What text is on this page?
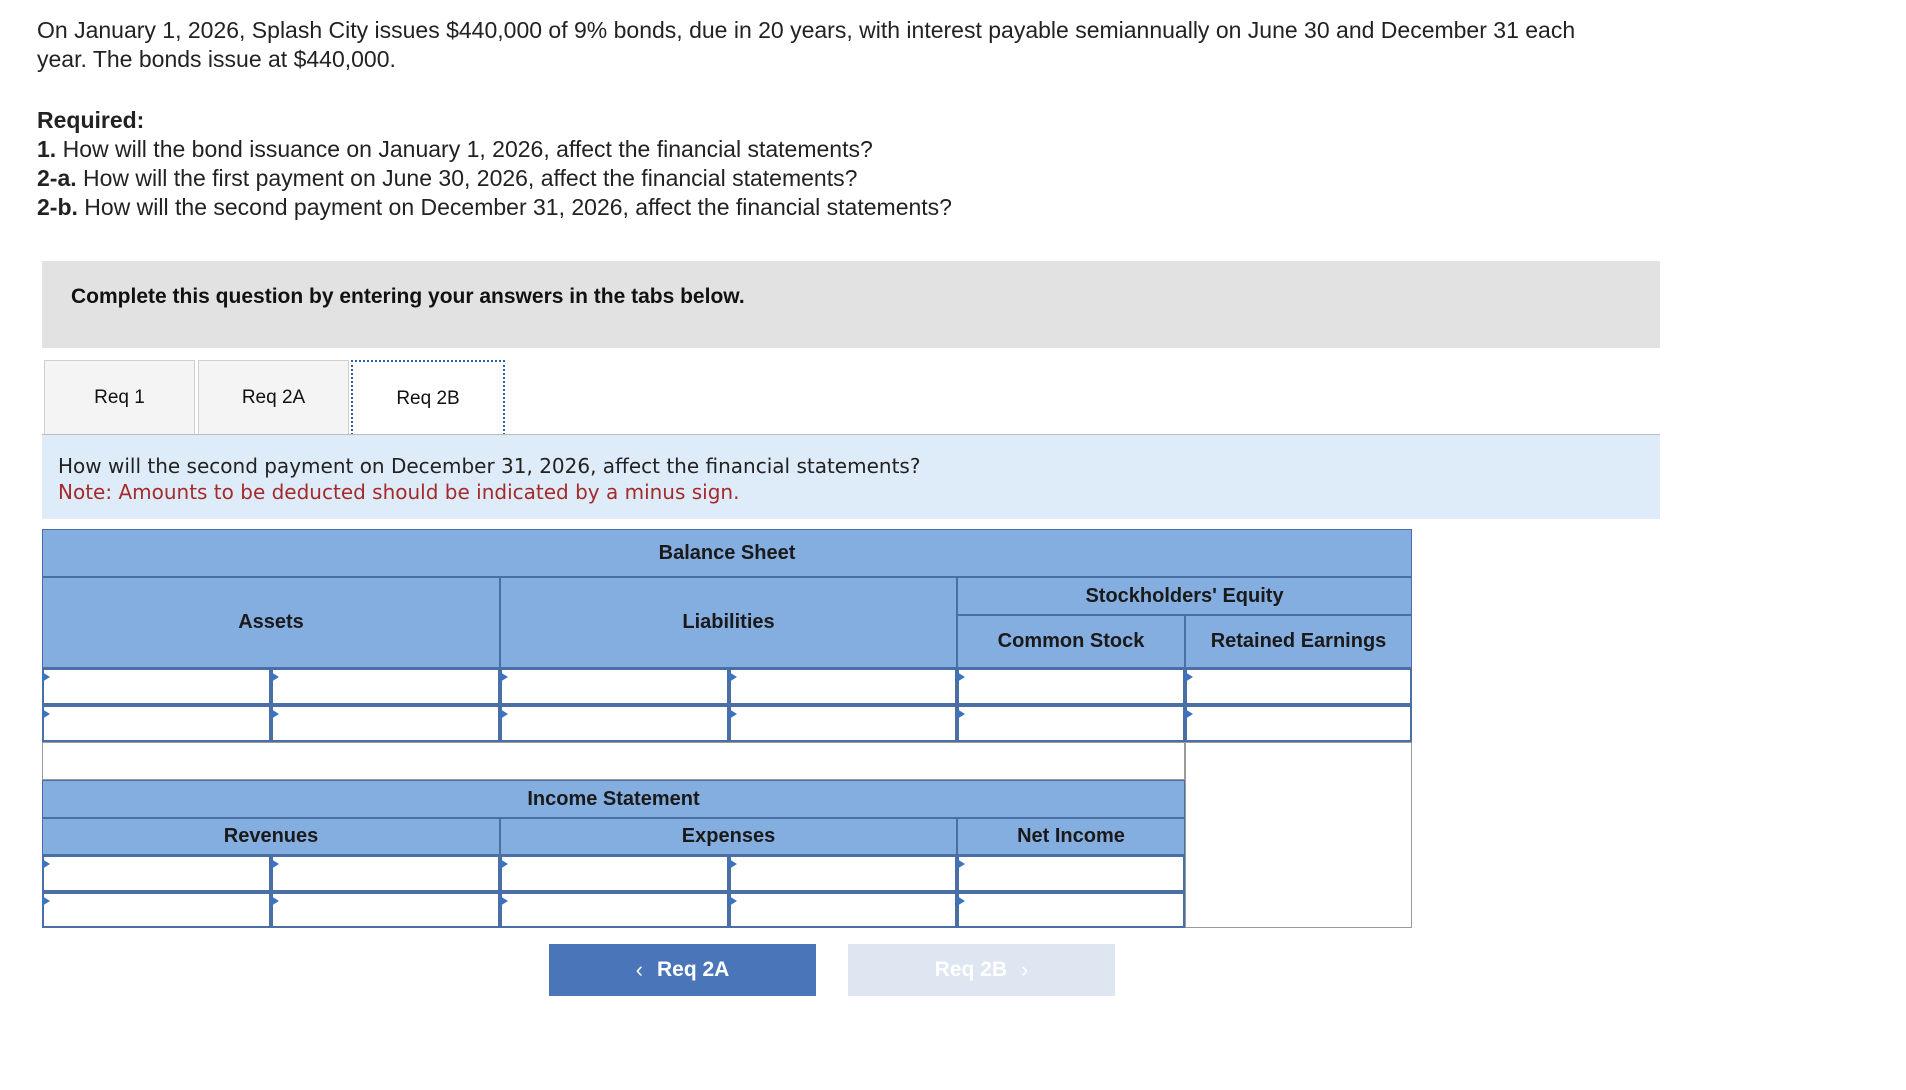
On January 1, 2026, Splash City issues $440,000 of 9% bonds, due in 20 years, with interest payable semiannually on June 30 and December 31 each year. The bonds issue at $440,000.

Required:
1. How will the bond issuance on January 1, 2026, affect the financial statements?
2-a. How will the first payment on June 30, 2026, affect the financial statements?
2-b. How will the second payment on December 31, 2026, affect the financial statements?
Complete this question by entering your answers in the tabs below.
Req 1	Req 2A	Req 2B
How will the second payment on December 31, 2026, affect the financial statements?
Note: Amounts to be deducted should be indicated by a minus sign.
Balance Sheet
Assets	Liabilities
Stockholders' Equity
Common Stock	Retained Earnings
Income Statement
Revenues	Expenses	Net Income
‹ Req 2A	Req 2B ›
